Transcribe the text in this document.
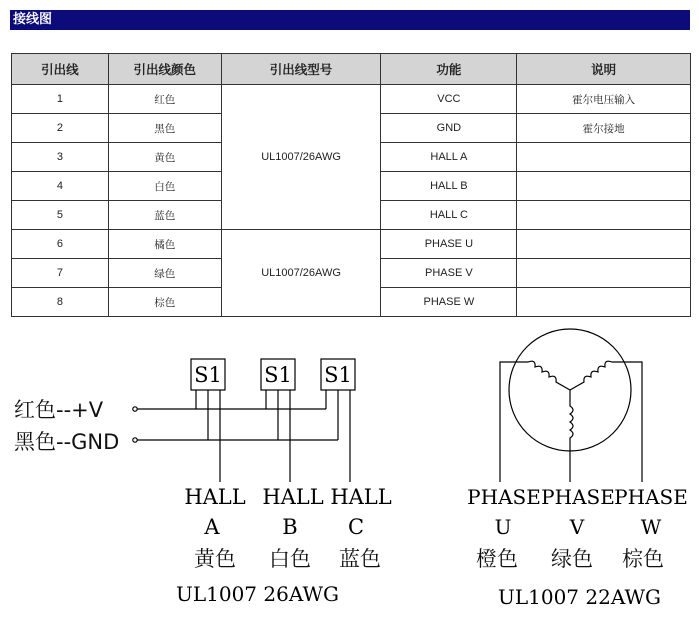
接线图
引出线	引出线颜色	引出线型号	功能	说明
1	红色	UL1007/26AWG	VCC	霍尔电压输入
2	黑色		GND	霍尔接地
3	黄色		HALL A	
4	白色		HALL B	
5	蓝色		HALL C	
6	橘色	UL1007/26AWG	PHASE U	
7	绿色		PHASE V	
8	棕色		PHASE W	
S1 S1 S1
红色--+V
黑色--GND
HALL HALL HALL
A	B C
黄色 白色 蓝色
UL1007 26AWG
PHASE PHASE PHASE
U	V	W
橙色 绿色 棕色
UL1007 22AWG
